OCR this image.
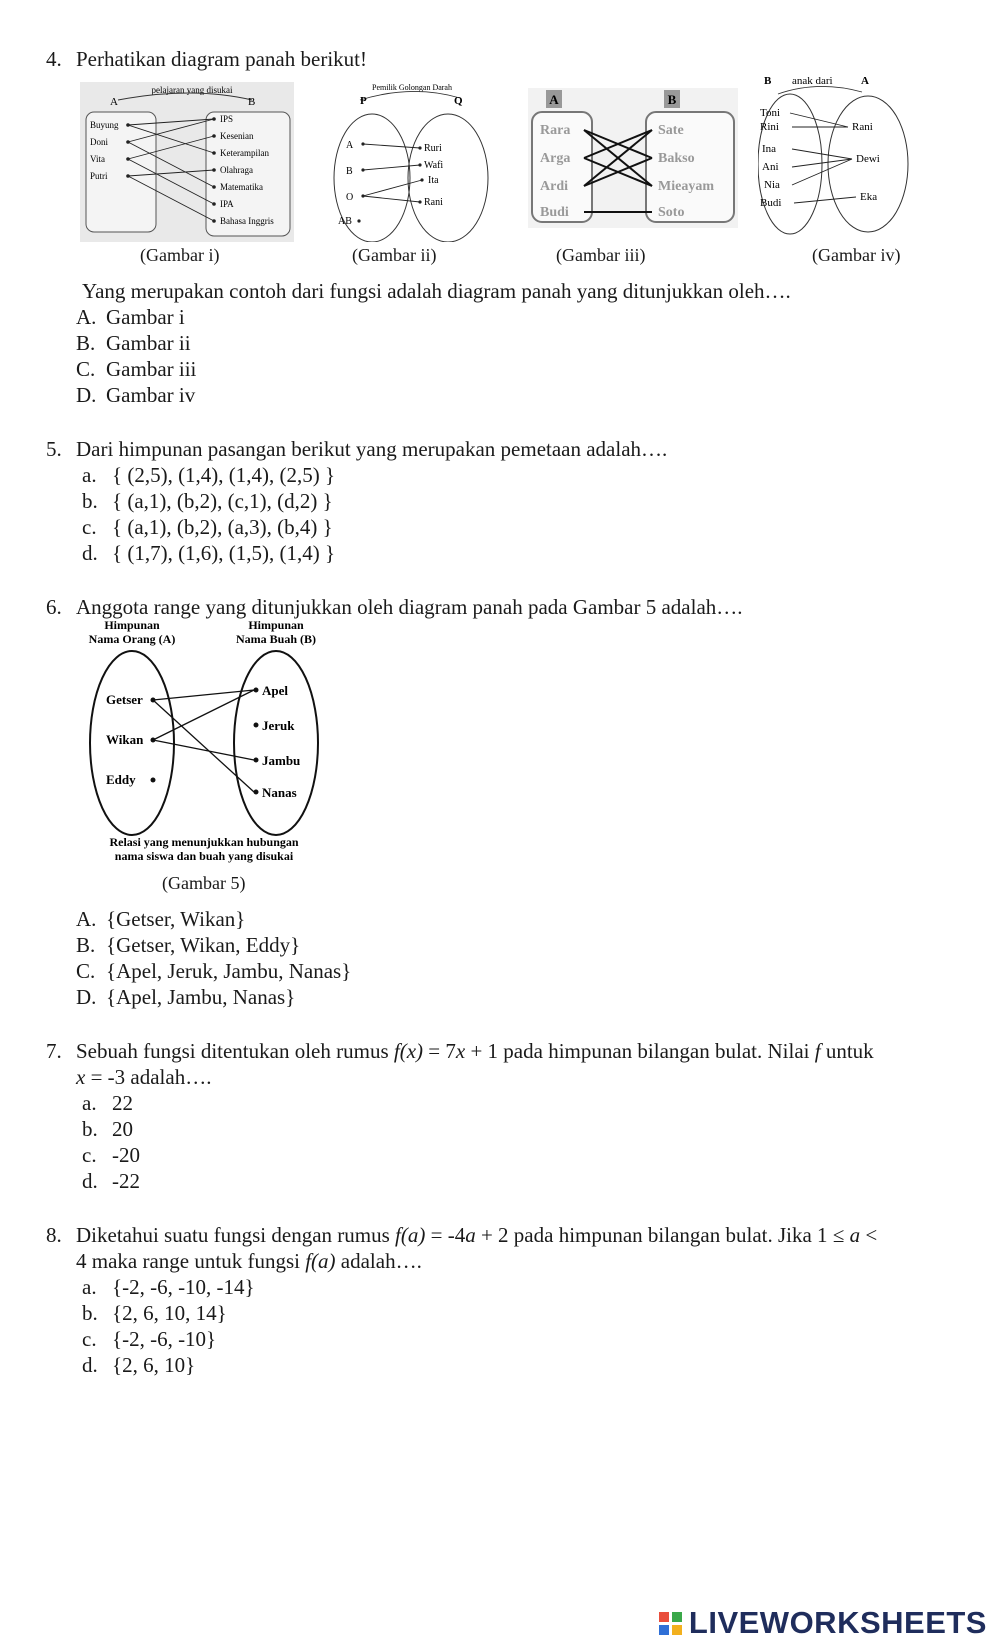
4. Perhatikan diagram panah berikut!
pelajaran yang disukai
A	B
Buyung
Doni
Vita
Putri
IPS
Kesenian
Keterampilan
Olahraga
Matematika
IPA
Bahasa Inggris
(Gambar i)
Pemilik Golongan Darah
P	Q
A
B
O
AB
Ruri
Wafi
Ita
Rani
(Gambar ii)
A	B
Rara
Arga
Ardi
Budi
Sate
Bakso
Mieayam
Soto
(Gambar iii)
B anak dari	A
Toni
Rini
Ina
Ani
Nia
Budi
Rani
Dewi
Eka
(Gambar iv)
Yang merupakan contoh dari fungsi adalah diagram panah yang ditunjukkan oleh….
A. Gambar i
B. Gambar ii
C. Gambar iii
D. Gambar iv
5. Dari himpunan pasangan berikut yang merupakan pemetaan adalah….
a. { (2,5), (1,4), (1,4), (2,5) }
b. { (a,1), (b,2), (c,1), (d,2) }
c. { (a,1), (b,2), (a,3), (b,4) }
d. { (1,7), (1,6), (1,5), (1,4) }
6. Anggota range yang ditunjukkan oleh diagram panah pada Gambar 5 adalah….
Himpunan
Nama Orang (A)
Himpunan
Nama Buah (B)
Getser
Wikan
Eddy
Apel
Jeruk
Jambu
Nanas
Relasi yang menunjukkan hubungan
nama siswa dan buah yang disukai
(Gambar 5)
A. {Getser, Wikan}
B. {Getser, Wikan, Eddy}
C. {Apel, Jeruk, Jambu, Nanas}
D. {Apel, Jambu, Nanas}
7. Sebuah fungsi ditentukan oleh rumus f(x) = 7x + 1 pada himpunan bilangan bulat. Nilai f untuk
x = -3 adalah….
a. 22
b. 20
c. -20
d. -22
8. Diketahui suatu fungsi dengan rumus f(a) = -4a + 2 pada himpunan bilangan bulat. Jika 1 ≤ a <
4 maka range untuk fungsi f(a) adalah….
a. {-2, -6, -10, -14}
b. {2, 6, 10, 14}
c. {-2, -6, -10}
d. {2, 6, 10}
LIVEWORKSHEETS
